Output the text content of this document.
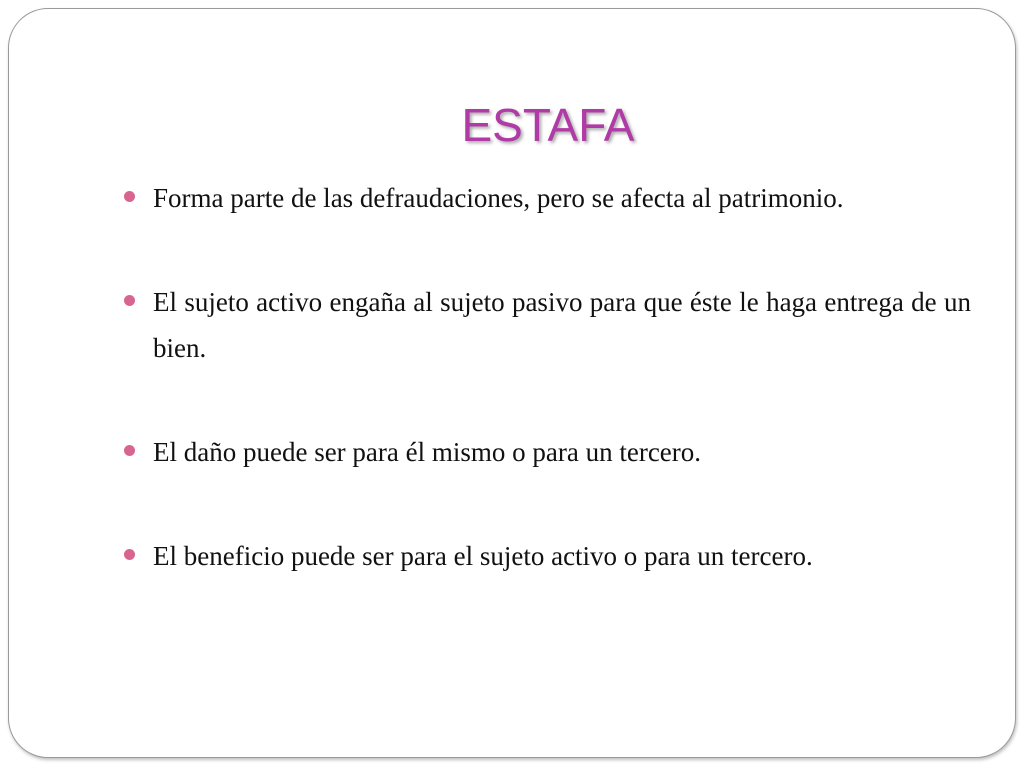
ESTAFA
Forma parte de las defraudaciones, pero se afecta al patrimonio.
El sujeto activo engaña al sujeto pasivo para que éste le haga entrega de un bien.
El daño puede ser para él mismo o para un tercero.
El beneficio puede ser para el sujeto activo o para un tercero.
